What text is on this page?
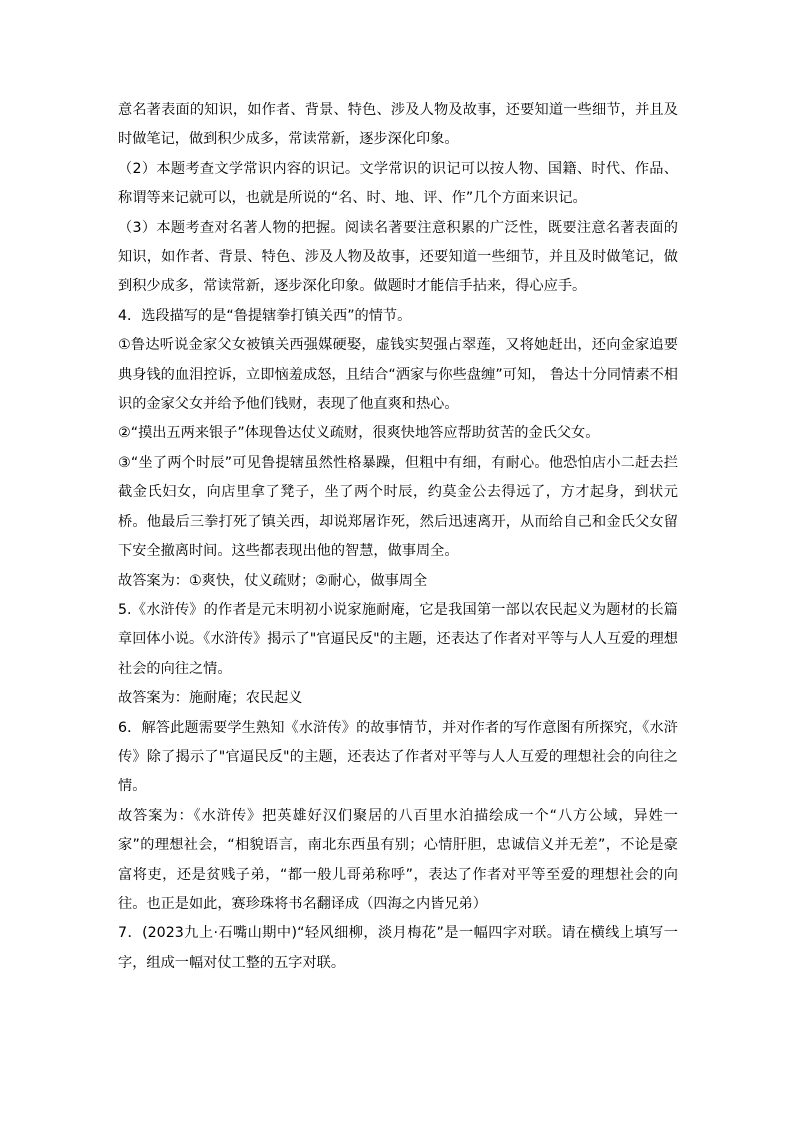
意名著表面的知识，如作者、背景、特色、涉及人物及故事，还要知道一些细节，并且及时做笔记，做到积少成多，常读常新，逐步深化印象。

（2）本题考查文学常识内容的识记。文学常识的识记可以按人物、国籍、时代、作品、称谓等来记就可以，也就是所说的“名、时、地、评、作”几个方面来识记。

（3）本题考查对名著人物的把握。阅读名著要注意积累的广泛性，既要注意名著表面的知识，如作者、背景、特色、涉及人物及故事，还要知道一些细节，并且及时做笔记，做到积少成多，常读常新，逐步深化印象。做题时才能信手拈来，得心应手。

4．选段描写的是“鲁提辖拳打镇关西”的情节。

①鲁达听说金家父女被镇关西强媒硬娶，虚钱实契强占翠莲，又将她赶出，还向金家追要典身钱的血泪控诉，立即恼羞成怒，且结合“洒家与你些盘缠”可知， 鲁达十分同情素不相识的金家父女并给予他们钱财，表现了他直爽和热心。

②“摸出五两来银子”体现鲁达仗义疏财，很爽快地答应帮助贫苦的金氏父女。

③“坐了两个时辰”可见鲁提辖虽然性格暴躁，但粗中有细，有耐心。他恐怕店小二赶去拦截金氏妇女，向店里拿了凳子，坐了两个时辰，约莫金公去得远了，方才起身，到状元桥。他最后三拳打死了镇关西，却说郑屠诈死，然后迅速离开，从而给自己和金氏父女留下安全撤离时间。这些都表现出他的智慧，做事周全。

故答案为：①爽快，仗义疏财；②耐心，做事周全

5.《水浒传》的作者是元末明初小说家施耐庵，它是我国第一部以农民起义为题材的长篇章回体小说。《水浒传》揭示了"官逼民反"的主题，还表达了作者对平等与人人互爱的理想社会的向往之情。

故答案为：施耐庵；农民起义

6．解答此题需要学生熟知《水浒传》的故事情节，并对作者的写作意图有所探究，《水浒传》除了揭示了"官逼民反"的主题，还表达了作者对平等与人人互爱的理想社会的向往之情。

故答案为：《水浒传》把英雄好汉们聚居的八百里水泊描绘成一个“八方公域，异姓一家”的理想社会，“相貌语言，南北东西虽有别；心情肝胆，忠诚信义并无差”，不论是豪富将吏，还是贫贱子弟，“都一般儿哥弟称呼”，表达了作者对平等至爱的理想社会的向往。也正是如此，赛珍珠将书名翻译成（四海之内皆兄弟）

7．(2023九上·石嘴山期中)“轻风细柳，淡月梅花”是一幅四字对联。请在横线上填写一字，组成一幅对仗工整的五字对联。
